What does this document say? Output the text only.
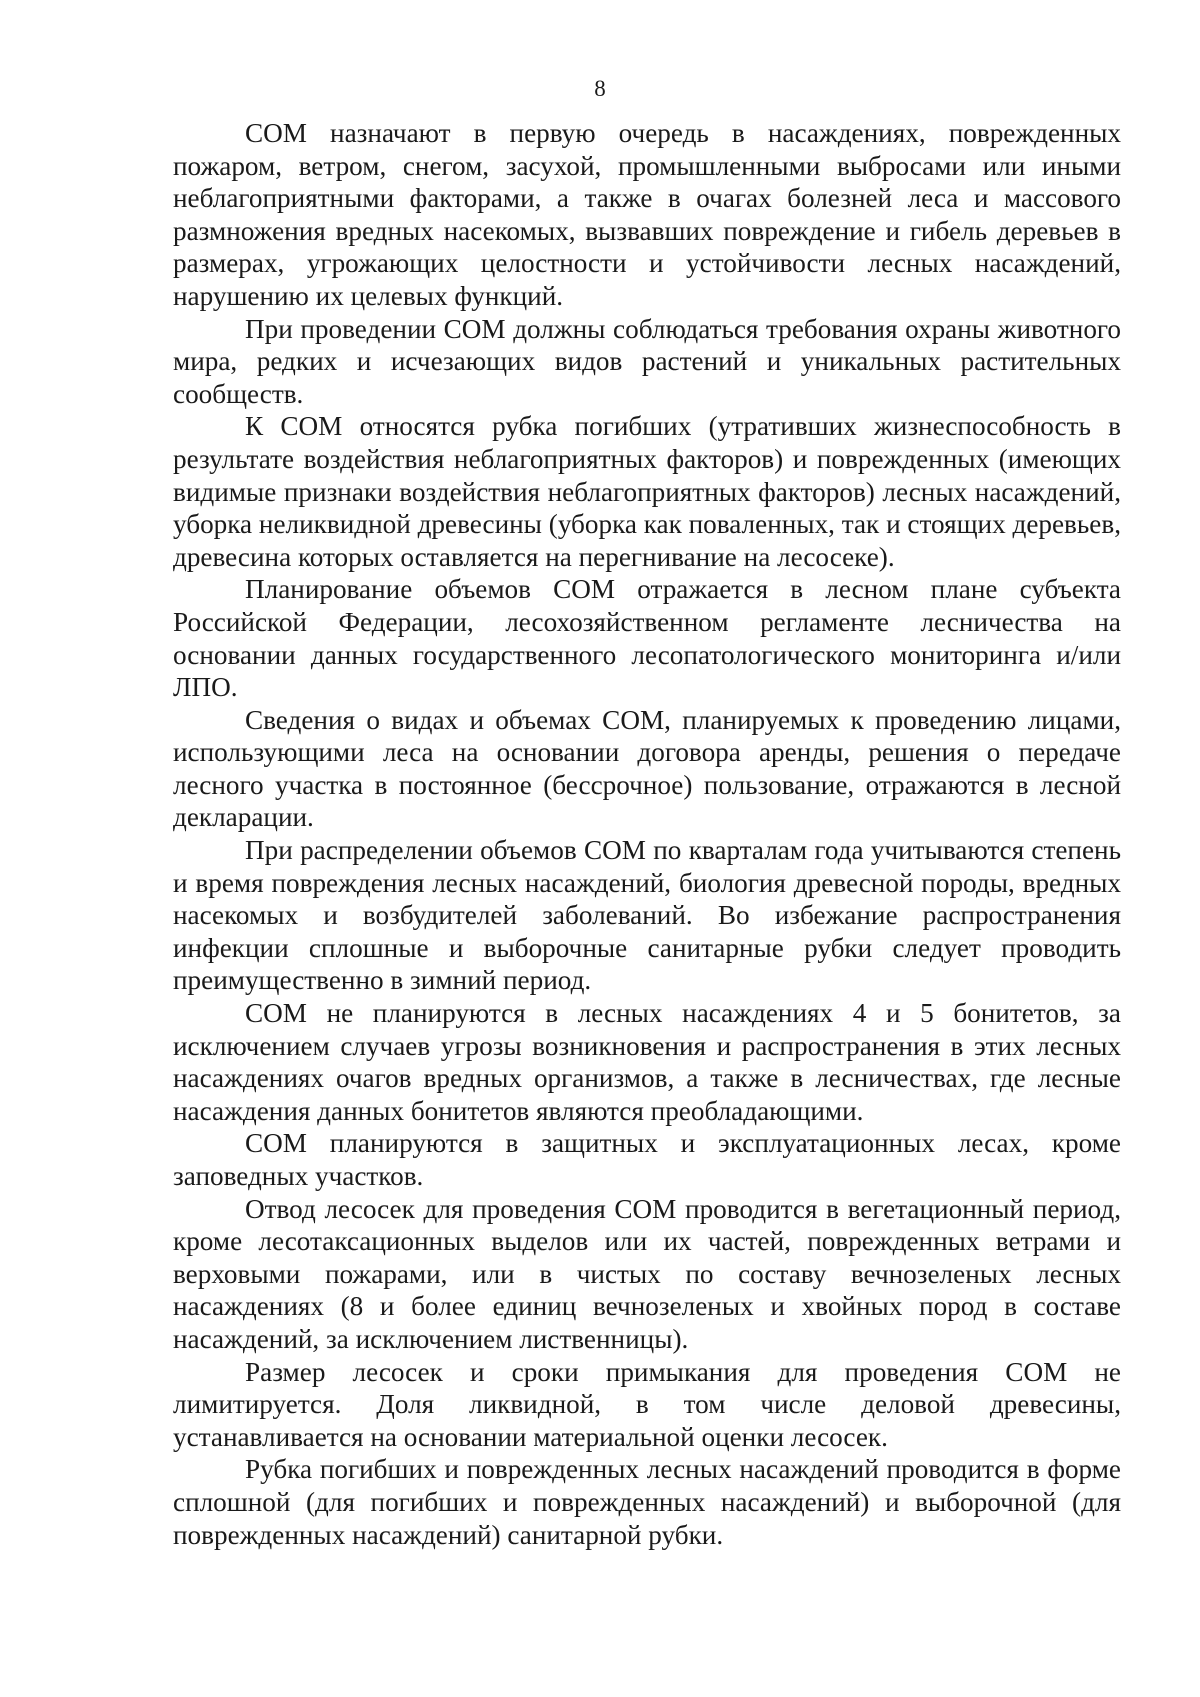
8

СОМ назначают в первую очередь в насаждениях, поврежденных пожаром, ветром, снегом, засухой, промышленными выбросами или иными неблагоприятными факторами, а также в очагах болезней леса и массового размножения вредных насекомых, вызвавших повреждение и гибель деревьев в размерах, угрожающих целостности и устойчивости лесных насаждений, нарушению их целевых функций.

При проведении СОМ должны соблюдаться требования охраны животного мира, редких и исчезающих видов растений и уникальных растительных сообществ.

К СОМ относятся рубка погибших (утративших жизнеспособность в результате воздействия неблагоприятных факторов) и поврежденных (имеющих видимые признаки воздействия неблагоприятных факторов) лесных насаждений, уборка неликвидной древесины (уборка как поваленных, так и стоящих деревьев, древесина которых оставляется на перегнивание на лесосеке).

Планирование объемов СОМ отражается в лесном плане субъекта Российской Федерации, лесохозяйственном регламенте лесничества на основании данных государственного лесопатологического мониторинга и/или ЛПО.

Сведения о видах и объемах СОМ, планируемых к проведению лицами, использующими леса на основании договора аренды, решения о передаче лесного участка в постоянное (бессрочное) пользование, отражаются в лесной декларации.

При распределении объемов СОМ по кварталам года учитываются степень и время повреждения лесных насаждений, биология древесной породы, вредных насекомых и возбудителей заболеваний. Во избежание распространения инфекции сплошные и выборочные санитарные рубки следует проводить преимущественно в зимний период.

СОМ не планируются в лесных насаждениях 4 и 5 бонитетов, за исключением случаев угрозы возникновения и распространения в этих лесных насаждениях очагов вредных организмов, а также в лесничествах, где лесные насаждения данных бонитетов являются преобладающими.

СОМ планируются в защитных и эксплуатационных лесах, кроме заповедных участков.

Отвод лесосек для проведения СОМ проводится в вегетационный период, кроме лесотаксационных выделов или их частей, поврежденных ветрами и верховыми пожарами, или в чистых по составу вечнозеленых лесных насаждениях (8 и более единиц вечнозеленых и хвойных пород в составе насаждений, за исключением лиственницы).

Размер лесосек и сроки примыкания для проведения СОМ не лимитируется. Доля ликвидной, в том числе деловой древесины, устанавливается на основании материальной оценки лесосек.

Рубка погибших и поврежденных лесных насаждений проводится в форме сплошной (для погибших и поврежденных насаждений) и выборочной (для поврежденных насаждений) санитарной рубки.
